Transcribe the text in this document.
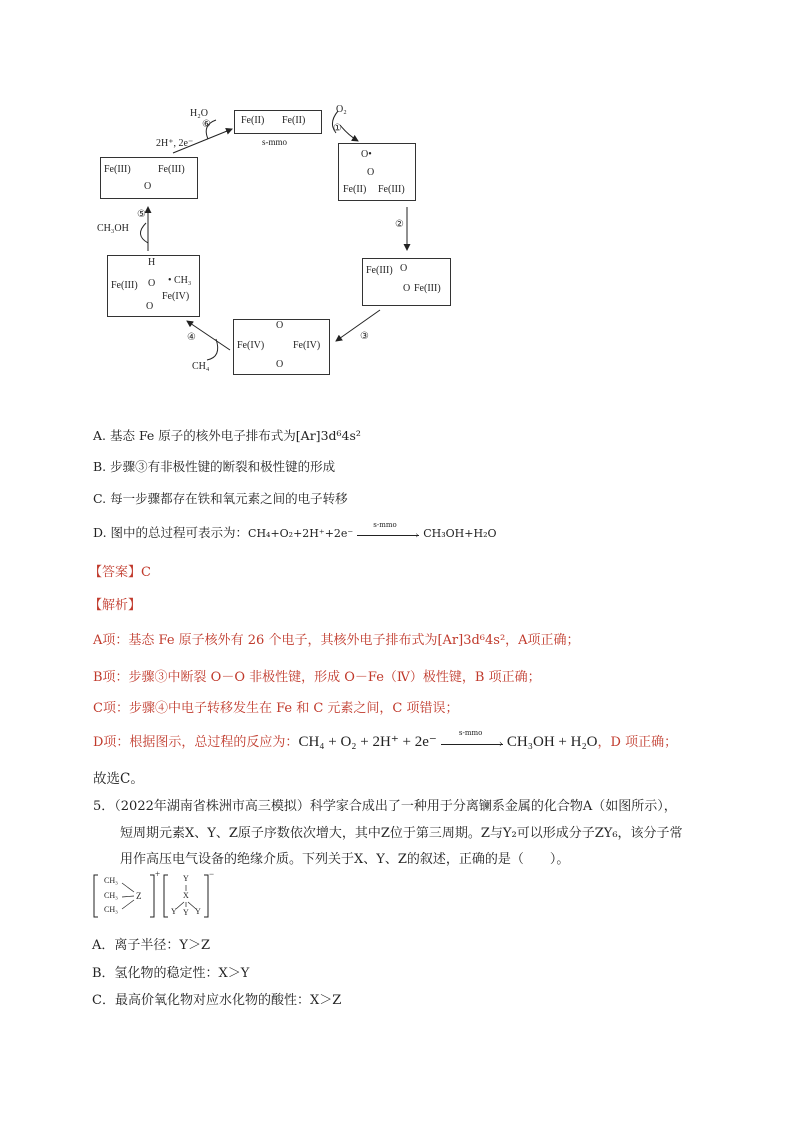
Fe(II) Fe(II)
s-mmo
O₂
①
O•
O
Fe(II) Fe(III)
②
Fe(III) O
O Fe(III)
③
O
Fe(IV)	Fe(IV)
O
④
CH₄
H
Fe(III) O • CH₃
Fe(IV)
O
⑤
CH₃OH
Fe(III)	Fe(III)
O
⑥
H₂O
2H⁺, 2e⁻
A. 基态 Fe 原子的核外电子排布式为[Ar]3d⁶4s²
B. 步骤③有非极性键的断裂和极性键的形成
C. 每一步骤都存在铁和氧元素之间的电子转移
D. 图中的总过程可表示为：CH₄+O₂+2H⁺+2e⁻
s-mmo
› CH₃OH+H₂O
【答案】C
【解析】
A项：基态 Fe 原子核外有 26 个电子，其核外电子排布式为[Ar]3d⁶4s²，A项正确；
B项：步骤③中断裂 O－O 非极性键，形成 O－Fe（Ⅳ）极性键，B 项正确；
C项：步骤④中电子转移发生在 Fe 和 C 元素之间，C 项错误；
D项：根据图示，总过程的反应为：CH₄ + O₂ + 2H⁺ + 2e⁻
s-mmo
› CH₃OH + H₂O，D 项正确；
故选C。
5．（2022年湖南省株洲市高三模拟）科学家合成出了一种用于分离镧系金属的化合物A（如图所示），
短周期元素X、Y、Z原子序数依次增大，其中Z位于第三周期。Z与Y₂可以形成分子ZY₆，该分子常
用作高压电气设备的绝缘介质。下列关于X、Y、Z的叙述，正确的是（　　）。
CH₃
CH₃
CH₃
Z
+	Y
X
Y Y Y
−
A．离子半径：Y＞Z
B．氢化物的稳定性：X＞Y
C．最高价氧化物对应水化物的酸性：X＞Z
